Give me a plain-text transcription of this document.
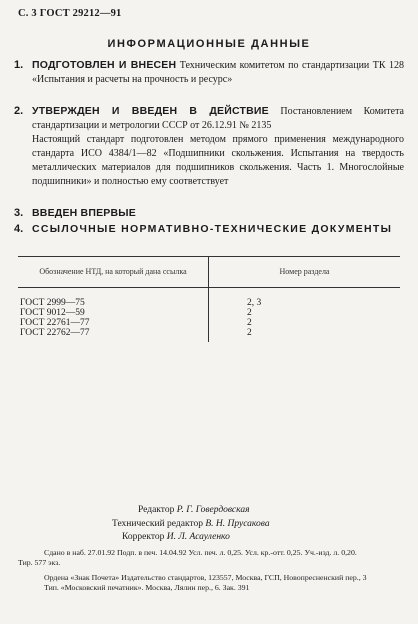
С. 3 ГОСТ 29212—91
ИНФОРМАЦИОННЫЕ ДАННЫЕ
1. ПОДГОТОВЛЕН И ВНЕСЕН Техническим комитетом по стандартизации ТК 128 «Испытания и расчеты на прочность и ресурс»
2. УТВЕРЖДЕН И ВВЕДЕН В ДЕЙСТВИЕ Постановлением Комитета стандартизации и метрологии СССР от 26.12.91 № 2135
Настоящий стандарт подготовлен методом прямого применения международного стандарта ИСО 4384/1—82 «Подшипники скольжения. Испытания на твердость металлических материалов для подшипников скольжения. Часть 1. Многослойные подшипники» и полностью ему соответствует
3. ВВЕДЕН ВПЕРВЫЕ
4. ССЫЛОЧНЫЕ НОРМАТИВНО-ТЕХНИЧЕСКИЕ ДОКУМЕНТЫ
Обозначение НТД, на который дана ссылка	Номер раздела
ГОСТ 2999—75	2, 3
ГОСТ 9012—59	2
ГОСТ 22761—77	2
ГОСТ 22762—77	2
Редактор Р. Г. Говердовская
Технический редактор В. Н. Прусакова
Корректор И. Л. Асауленко
Сдано в наб. 27.01.92 Подп. в печ. 14.04.92 Усл. печ. л. 0,25. Усл. кр.-отт. 0,25. Уч.-изд. л. 0,20.
Тир. 577 экз.
Ордена «Знак Почета» Издательство стандартов, 123557, Москва, ГСП, Новопресненский пер., 3
Тип. «Московский печатник». Москва, Лялин пер., 6. Зак. 391
